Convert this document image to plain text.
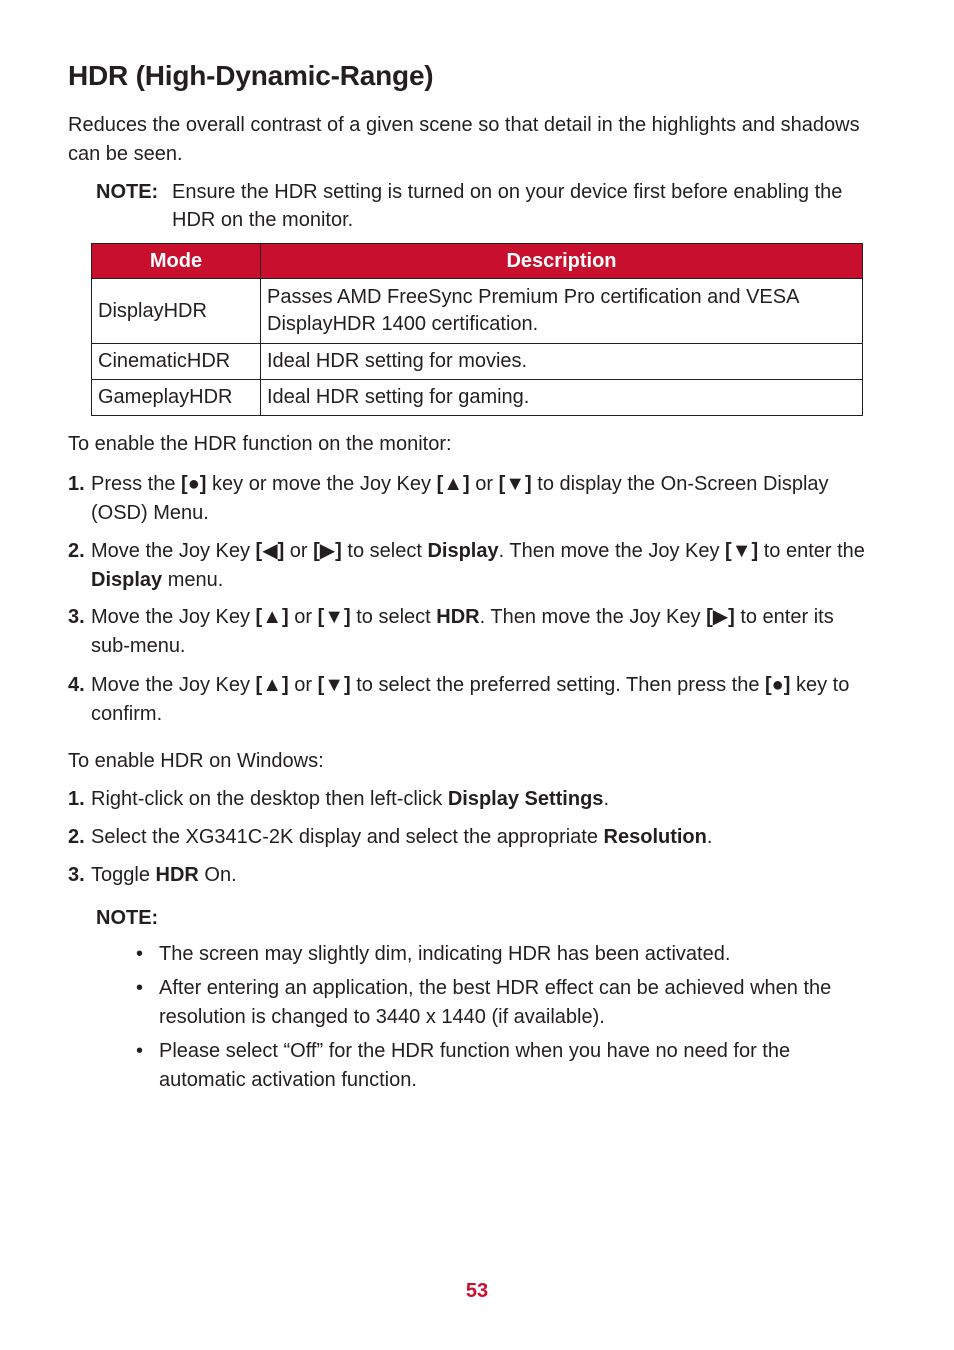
HDR (High-Dynamic-Range)

Reduces the overall contrast of a given scene so that detail in the highlights and shadows can be seen.

NOTE: Ensure the HDR setting is turned on on your device first before enabling the HDR on the monitor.

Mode	Description
DisplayHDR	Passes AMD FreeSync Premium Pro certification and VESA DisplayHDR 1400 certification.
CinematicHDR	Ideal HDR setting for movies.
GameplayHDR	Ideal HDR setting for gaming.

To enable the HDR function on the monitor:

1. Press the [●] key or move the Joy Key [▲] or [▼] to display the On-Screen Display (OSD) Menu.
2. Move the Joy Key [◀] or [▶] to select Display. Then move the Joy Key [▼] to enter the Display menu.
3. Move the Joy Key [▲] or [▼] to select HDR. Then move the Joy Key [▶] to enter its sub-menu.
4. Move the Joy Key [▲] or [▼] to select the preferred setting. Then press the [●] key to confirm.

To enable HDR on Windows:

1. Right-click on the desktop then left-click Display Settings.
2. Select the XG341C-2K display and select the appropriate Resolution.
3. Toggle HDR On.

NOTE:

• The screen may slightly dim, indicating HDR has been activated.
• After entering an application, the best HDR effect can be achieved when the resolution is changed to 3440 x 1440 (if available).
• Please select “Off” for the HDR function when you have no need for the automatic activation function.
53
